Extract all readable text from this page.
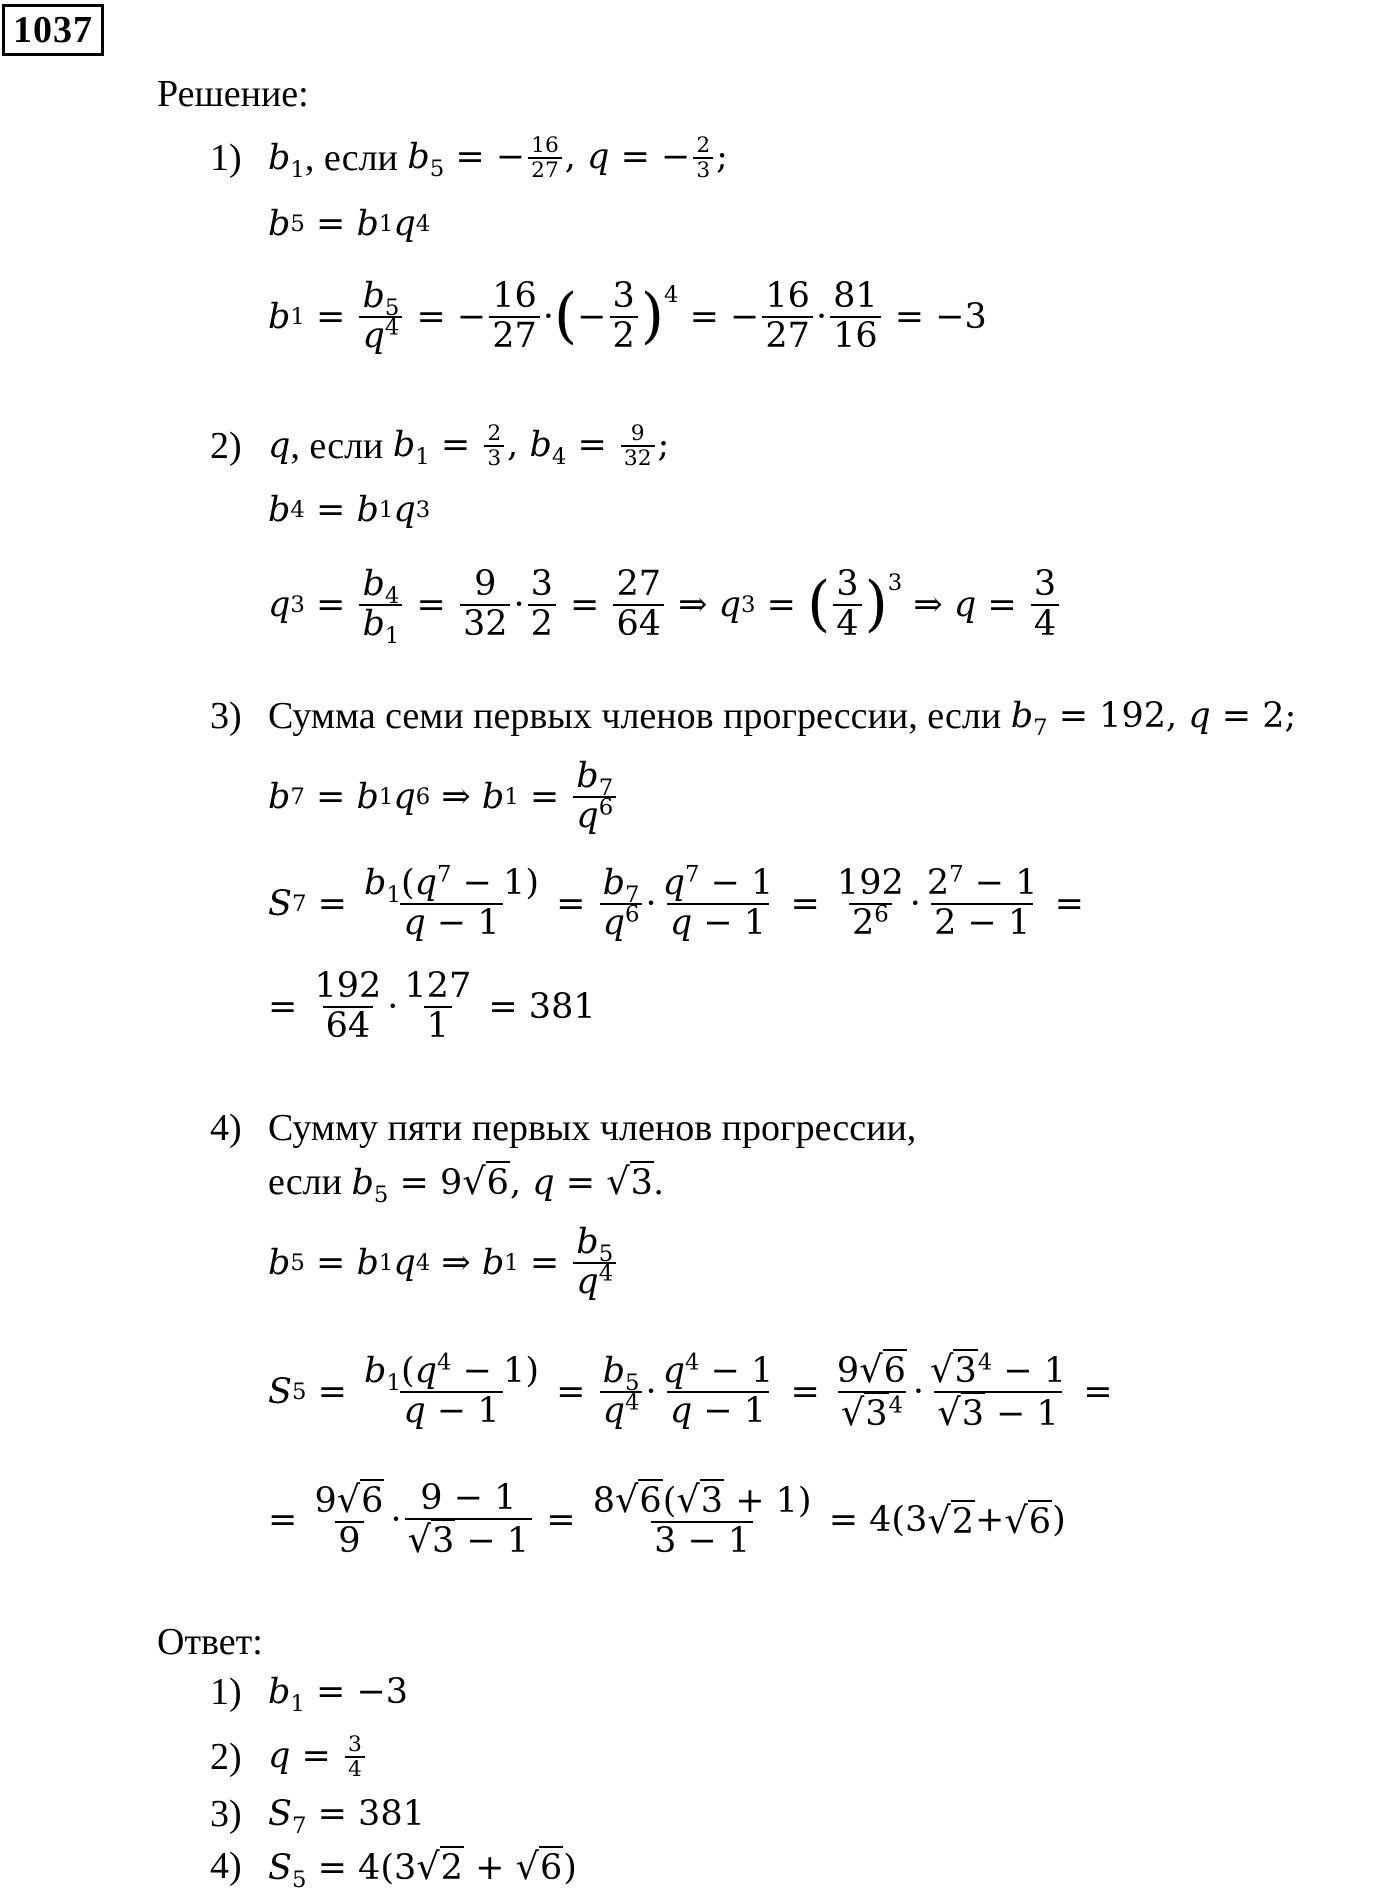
1037
Решение:
1) $b_1$ , если $b_5$ = − $\frac{16}{27}$ , q = − $\frac{2}{3}$ ;
b 5 = b 1 q 4
b $1 = \frac{b_5}{q^4}$ = − $\frac{16}{27}$ · ( − $\frac{3}{2} )^4$
= − $\frac{16}{27} \cdot \frac{81}{16} = -3$
2) q , если $b_1 = \frac{2}{3}$ , $b_4 = \frac{9}{32}$ ;
b 4 = b 1 q 3
q $3 = \frac{b_4}{b_1} = \frac{9}{32} \cdot \frac{3}{2} = \frac{27}{64}$ ⇒ q 3 = ( $\frac{3}{4} )^3$
⇒ $q = \frac{3}{4}$
3) Сумма семи первых членов прогрессии, если $b_7 = 192$, q = 2;
b 7 = b 1 q 6 ⇒ b $1 = \frac{b_7}{q^6}$
S $7 = \frac{b_1(q^7 - 1)}{q - 1} = \frac{b_7}{q^6} \cdot \frac{q^7 - 1}{q - 1} = \frac{192}{2^6} \cdot \frac{2^7 - 1}{2 - 1}$ =
= $\frac{192}{64} \cdot \frac{127}{1} = 381$
4) Сумму пяти первых членов прогрессии,
если $b_5 = 9√6$, q = √3.
b 5 = b 1 q 4 ⇒ b $1 = \frac{b_5}{q^4}$
S $5 = \frac{b_1(q^4 - 1)}{q - 1} = \frac{b_5}{q^4} \cdot \frac{q^4 - 1}{q - 1} = \frac{9√6}{√3^4} \cdot \frac{√3^4 - 1}{√3 - 1}$ =
= $\frac{9√6}{9} \cdot \frac{9 - 1}{√3 - 1} = \frac{8√6(√3 + 1)}{3 - 1} = 4(3$ √2 + √6 )
Ответ:
1) $b_1 = -3$
2) $q = \frac{3}{4}$
3) $S_7 = 381$
4) $S_5 = 4(3√2 + √6)$
